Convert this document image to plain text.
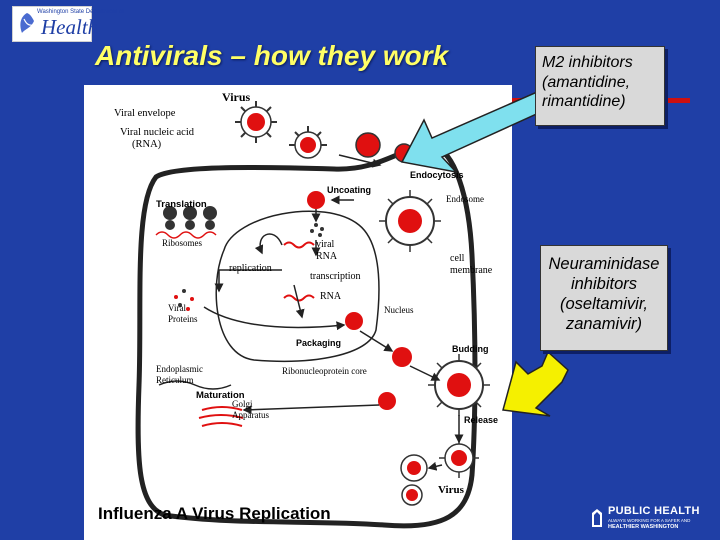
Washington State Department of
Health
Antivirals – how they work
Virus
Viral envelope
Viral nucleic acid
(RNA)
Endocytosis
Uncoating
Endosome
Translation
Ribosomes	viral
RNA
replication
transcription
cell
membrane
RNA
Nucleus
Viral
Proteins
Packaging
Budding
Endoplasmic
Reticulum
Ribonucleoprotein core
Maturation
Golgi
Apparatus	Release
Virus
Influenza A Virus Replication
M2 inhibitors
(amantidine,
rimantidine)
Neuraminidase
inhibitors
(oseltamivir,
zanamivir)
PUBLIC HEALTH
ALWAYS WORKING FOR A SAFER AND
HEALTHIER WASHINGTON
